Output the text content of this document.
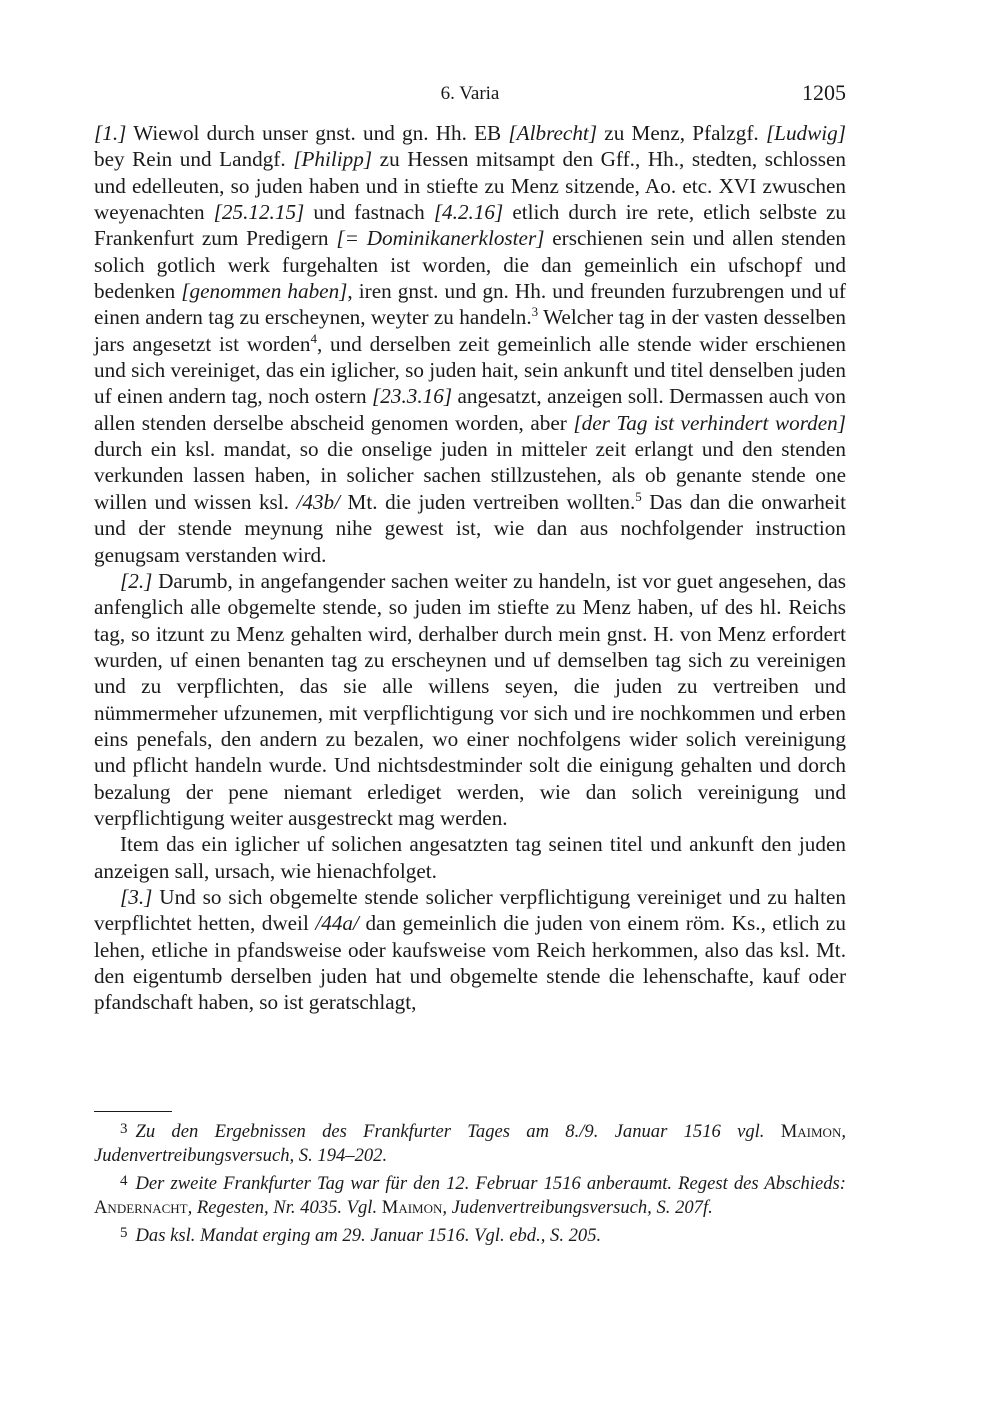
6. Varia	1205

[1.] Wiewol durch unser gnst. und gn. Hh. EB [Albrecht] zu Menz, Pfalzgf. [Ludwig] bey Rein und Landgf. [Philipp] zu Hessen mitsampt den Gff., Hh., stedten, schlossen und edelleuten, so juden haben und in stiefte zu Menz sitzende, Ao. etc. XVI zwuschen weyenachten [25.12.15] und fastnach [4.2.16] etlich durch ire rete, etlich selbste zu Frankenfurt zum Predigern [= Dominikanerkloster] erschienen sein und allen stenden solich gotlich werk furgehalten ist worden, die dan gemeinlich ein ufschopf und bedenken [genommen haben], iren gnst. und gn. Hh. und freunden furzubrengen und uf einen andern tag zu erscheynen, weyter zu handeln.$^3$ Welcher tag in der vasten desselben jars angesetzt ist worden$^4$, und derselben zeit gemeinlich alle stende wider erschienen und sich vereiniget, das ein iglicher, so juden hait, sein ankunft und titel denselben juden uf einen andern tag, noch ostern [23.3.16] angesatzt, anzeigen soll. Dermassen auch von allen stenden derselbe abscheid genomen worden, aber [der Tag ist verhindert worden] durch ein ksl. mandat, so die onselige juden in mitteler zeit erlangt und den stenden verkunden lassen haben, in solicher sachen stillzustehen, als ob genante stende one willen und wissen ksl. /43b/ Mt. die juden vertreiben wollten.$^5$ Das dan die onwarheit und der stende meynung nihe gewest ist, wie dan aus nochfolgender instruction genugsam verstanden wird.

[2.] Darumb, in angefangender sachen weiter zu handeln, ist vor guet angesehen, das anfenglich alle obgemelte stende, so juden im stiefte zu Menz haben, uf des hl. Reichs tag, so itzunt zu Menz gehalten wird, derhalber durch mein gnst. H. von Menz erfordert wurden, uf einen benanten tag zu erscheynen und uf demselben tag sich zu vereinigen und zu verpflichten, das sie alle willens seyen, die juden zu vertreiben und nümmermeher ufzunemen, mit verpflichtigung vor sich und ire nochkommen und erben eins penefals, den andern zu bezalen, wo einer nochfolgens wider solich vereinigung und pflicht handeln wurde. Und nichtsdestminder solt die einigung gehalten und dorch bezalung der pene niemant erlediget werden, wie dan solich vereinigung und verpflichtigung weiter ausgestreckt mag werden.

Item das ein iglicher uf solichen angesatzten tag seinen titel und ankunft den juden anzeigen sall, ursach, wie hienachfolget.

[3.] Und so sich obgemelte stende solicher verpflichtigung vereiniget und zu halten verpflichtet hetten, dweil /44a/ dan gemeinlich die juden von einem röm. Ks., etlich zu lehen, etliche in pfandsweise oder kaufsweise vom Reich herkommen, also das ksl. Mt. den eigentumb derselben juden hat und obgemelte stende die lehenschafte, kauf oder pfandschaft haben, so ist geratschlagt,

$^3$ Zu den Ergebnissen des Frankfurter Tages am 8./9. Januar 1516 vgl. Maimon, Judenvertreibungsversuch, S. 194–202.

$^4$ Der zweite Frankfurter Tag war für den 12. Februar 1516 anberaumt. Regest des Abschieds: Andernacht, Regesten, Nr. 4035. Vgl. Maimon, Judenvertreibungsversuch, S. 207f.

$^5$ Das ksl. Mandat erging am 29. Januar 1516. Vgl. ebd., S. 205.
